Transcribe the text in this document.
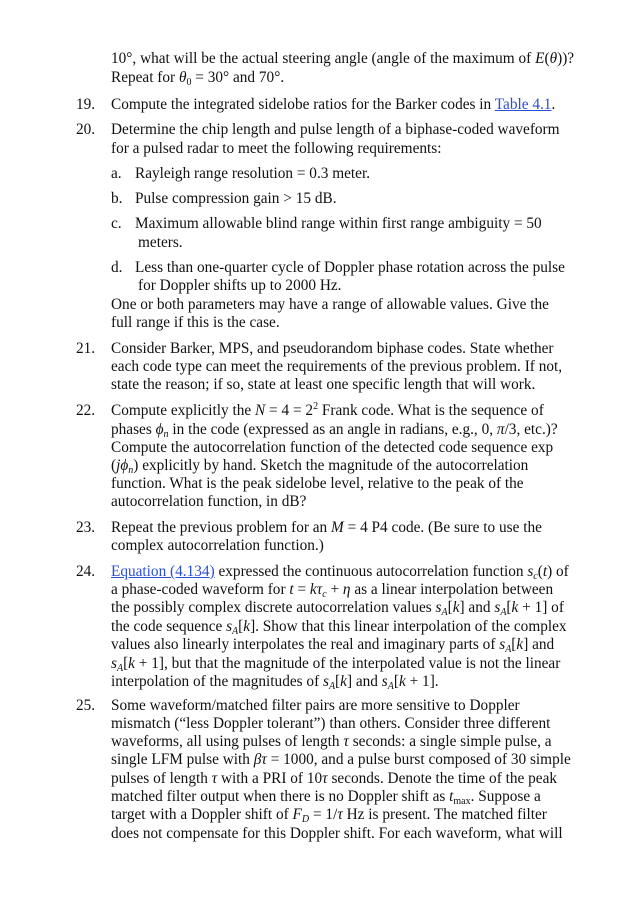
10°, what will be the actual steering angle (angle of the maximum of E(θ))?
Repeat for $\theta_0 = 30^\circ$ and 70°.
19. Compute the integrated sidelobe ratios for the Barker codes in Table 4.1.
20. Determine the chip length and pulse length of a biphase-coded waveform
for a pulsed radar to meet the following requirements:
a. Rayleigh range resolution = 0.3 meter.
b. Pulse compression gain > 15 dB.
c. Maximum allowable blind range within first range ambiguity = 50
meters.
d. Less than one-quarter cycle of Doppler phase rotation across the pulse
for Doppler shifts up to 2000 Hz.
One or both parameters may have a range of allowable values. Give the
full range if this is the case.
21. Consider Barker, MPS, and pseudorandom biphase codes. State whether
each code type can meet the requirements of the previous problem. If not,
state the reason; if so, state at least one specific length that will work.
22. Compute explicitly the $N = 4 = 2^2$ Frank code. What is the sequence of
phases $\phi_n$ in the code (expressed as an angle in radians, e.g., 0, π/3, etc.)?
Compute the autocorrelation function of the detected code sequence exp
$(j\phi_n)$ explicitly by hand. Sketch the magnitude of the autocorrelation
function. What is the peak sidelobe level, relative to the peak of the
autocorrelation function, in dB?
23. Repeat the previous problem for an M = 4 P4 code. (Be sure to use the
complex autocorrelation function.)
24. Equation (4.134) expressed the continuous autocorrelation function $s_c(t)$ of
a phase-coded waveform for $t = k\tau_c + \eta$ as a linear interpolation between
the possibly complex discrete autocorrelation values $s_A[k]$ and $s_A[k + 1]$ of
the code sequence $s_A[k]$. Show that this linear interpolation of the complex
values also linearly interpolates the real and imaginary parts of $s_A[k]$ and
$s_A[k + 1]$, but that the magnitude of the interpolated value is not the linear
interpolation of the magnitudes of $s_A[k]$ and $s_A[k + 1]$.
25. Some waveform/matched filter pairs are more sensitive to Doppler
mismatch (“less Doppler tolerant”) than others. Consider three different
waveforms, all using pulses of length τ seconds: a single simple pulse, a
single LFM pulse with βτ = 1000, and a pulse burst composed of 30 simple
pulses of length τ with a PRI of 10τ seconds. Denote the time of the peak
matched filter output when there is no Doppler shift as $t_{max}$. Suppose a
target with a Doppler shift of $F_D = 1/\tau$ Hz is present. The matched filter
does not compensate for this Doppler shift. For each waveform, what will
